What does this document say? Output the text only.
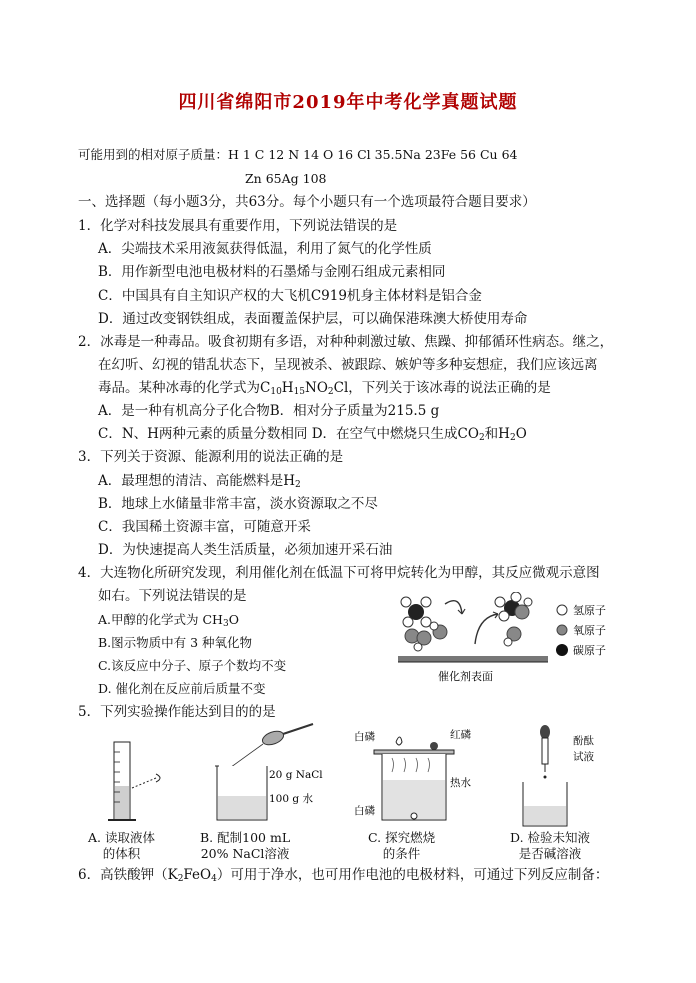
四川省绵阳市2019年中考化学真题试题
可能用到的相对原子质量：H 1 C 12 N 14 O 16 Cl 35.5Na 23Fe 56 Cu 64
Zn 65Ag 108
一、选择题（每小题3分，共63分。每个小题只有一个选项最符合题目要求）
1．化学对科技发展具有重要作用，下列说法错误的是
A．尖端技术采用液氮获得低温，利用了氮气的化学性质
B．用作新型电池电极材料的石墨烯与金刚石组成元素相同
C．中国具有自主知识产权的大飞机C919机身主体材料是铝合金
D．通过改变钢铁组成，表面覆盖保护层，可以确保港珠澳大桥使用寿命
2．冰毒是一种毒品。吸食初期有多语，对种种刺激过敏、焦躁、抑郁循环性病态。继之，
在幻听、幻视的错乱状态下，呈现被杀、被跟踪、嫉妒等多种妄想症，我们应该远离
毒品。某种冰毒的化学式为$C_{10}H_{15}NO_2Cl$，下列关于该冰毒的说法正确的是
A．是一种有机高分子化合物B．相对分子质量为215.5 g
C．N、H两种元素的质量分数相同 D．在空气中燃烧只生成$CO_2$和$H_2O$
3．下列关于资源、能源利用的说法正确的是
A．最理想的清洁、高能燃料是$H_2$
B．地球上水储量非常丰富，淡水资源取之不尽
C．我国稀土资源丰富，可随意开采
D．为快速提高人类生活质量，必须加速开采石油
4．大连物化所研究发现，利用催化剂在低温下可将甲烷转化为甲醇，其反应微观示意图
如右。下列说法错误的是
A.甲醇的化学式为 $CH_3O$
B.图示物质中有 3 种氧化物
C.该反应中分子、原子个数均不变
D. 催化剂在反应前后质量不变
催化剂表面
氢原子
氧原子
碳原子
5．下列实验操作能达到目的的是
A. 读取液体
的体积
20 g NaCl
100 g 水
B. 配制100 mL
20% NaCl溶液
白磷	红磷
热水
白磷
C. 探究燃烧
的条件
酚酞
试液
D. 检验未知液
是否碱溶液
6．高铁酸钾$(K_2FeO_4)$可用于净水，也可用作电池的电极材料，可通过下列反应制备：
